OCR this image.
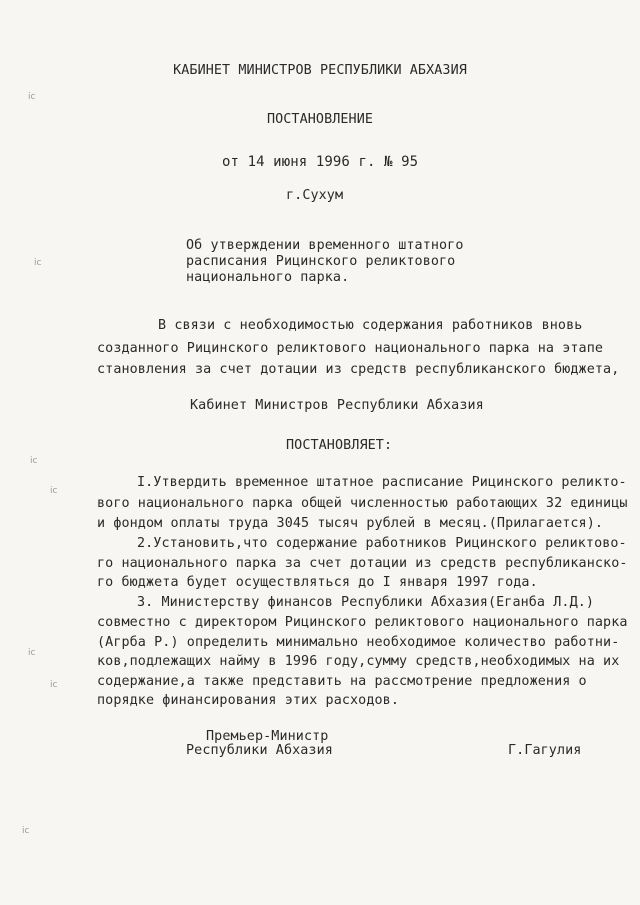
КАБИНЕТ МИНИСТРОВ РЕСПУБЛИКИ АБХАЗИЯ
ПОСТАНОВЛЕНИЕ
от 14 июня 1996 г. № 95
г.Сухум
Об утверждении временного штатного
расписания Рицинского реликтового
национального парка.
В связи с необходимостью содержания работников вновь
созданного Рицинского реликтового национального парка на этапе
становления за счет дотации из средств республиканского бюджета,
Кабинет Министров Республики Абхазия
ПОСТАНОВЛЯЕТ:
I.Утвердить временное штатное расписание Рицинского реликто-
вого национального парка общей численностью работающих 32 единицы
и фондом оплаты труда 3045 тысяч рублей в месяц.(Прилагается).
2.Установить,что содержание работников Рицинского реликтово-
го национального парка за счет дотации из средств республиканско-
го бюджета будет осуществляться до I января 1997 года.
3. Министерству финансов Республики Абхазия(Еганба Л.Д.)
совместно с директором Рицинского реликтового национального парка
(Агрба Р.) определить минимально необходимое количество работни-
ков,подлежащих найму в 1996 году,сумму средств,необходимых на их
содержание,а также представить на рассмотрение предложения о
порядке финансирования этих расходов.
Премьер-Министр
Республики Абхазия	Г.Гагулия
ic
ic
ic
ic
ic
ic
ic
